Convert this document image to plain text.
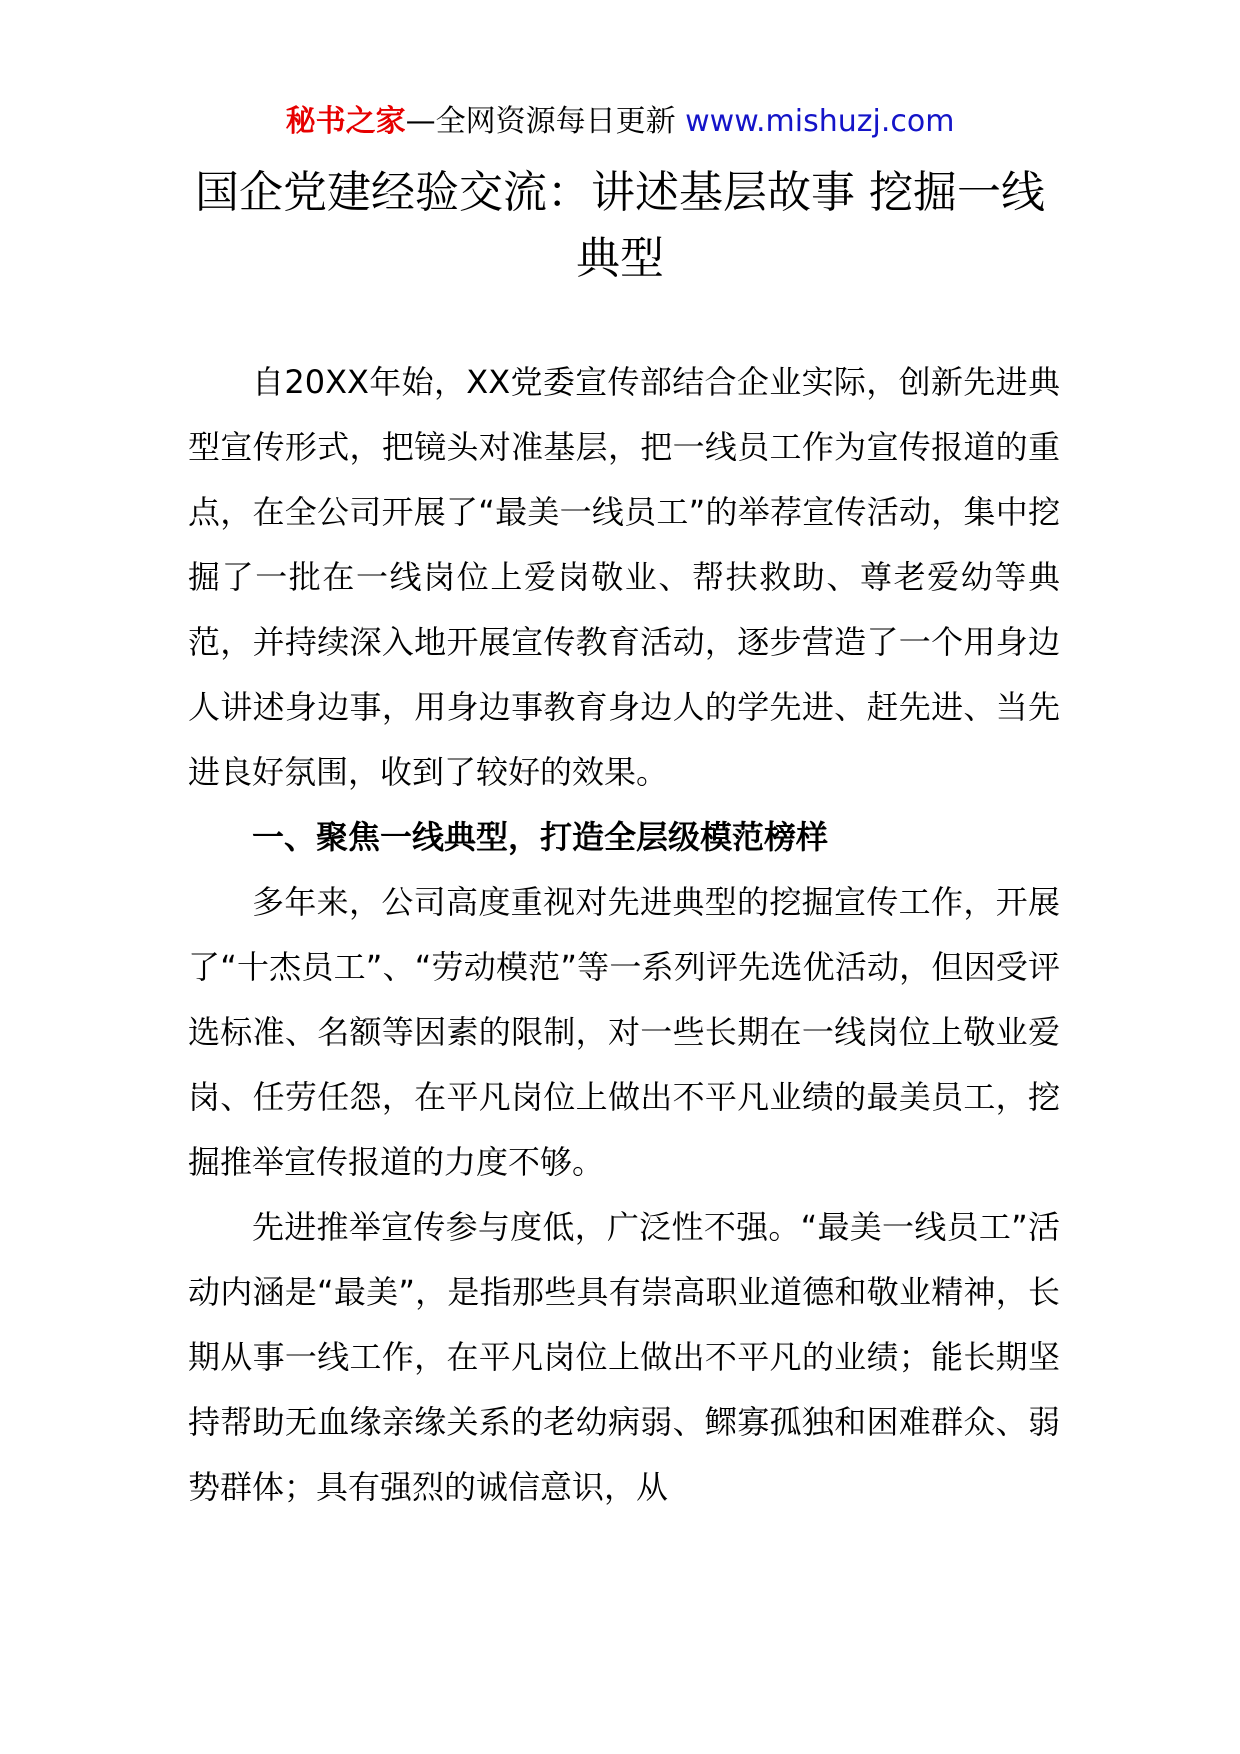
秘书之家—全网资源每日更新 www.mishuzj.com
国企党建经验交流：讲述基层故事 挖掘一线典型

自20XX年始，XX党委宣传部结合企业实际，创新先进典型宣传形式，把镜头对准基层，把一线员工作为宣传报道的重点，在全公司开展了“最美一线员工”的举荐宣传活动，集中挖掘了一批在一线岗位上爱岗敬业、帮扶救助、尊老爱幼等典范，并持续深入地开展宣传教育活动，逐步营造了一个用身边人讲述身边事，用身边事教育身边人的学先进、赶先进、当先进良好氛围，收到了较好的效果。

一、聚焦一线典型，打造全层级模范榜样

多年来，公司高度重视对先进典型的挖掘宣传工作，开展了“十杰员工”、“劳动模范”等一系列评先选优活动，但因受评选标准、名额等因素的限制，对一些长期在一线岗位上敬业爱岗、任劳任怨，在平凡岗位上做出不平凡业绩的最美员工，挖掘推举宣传报道的力度不够。

先进推举宣传参与度低，广泛性不强。“最美一线员工”活动内涵是“最美”，是指那些具有崇高职业道德和敬业精神，长期从事一线工作，在平凡岗位上做出不平凡的业绩；能长期坚持帮助无血缘亲缘关系的老幼病弱、鳏寡孤独和困难群众、弱势群体；具有强烈的诚信意识，从
